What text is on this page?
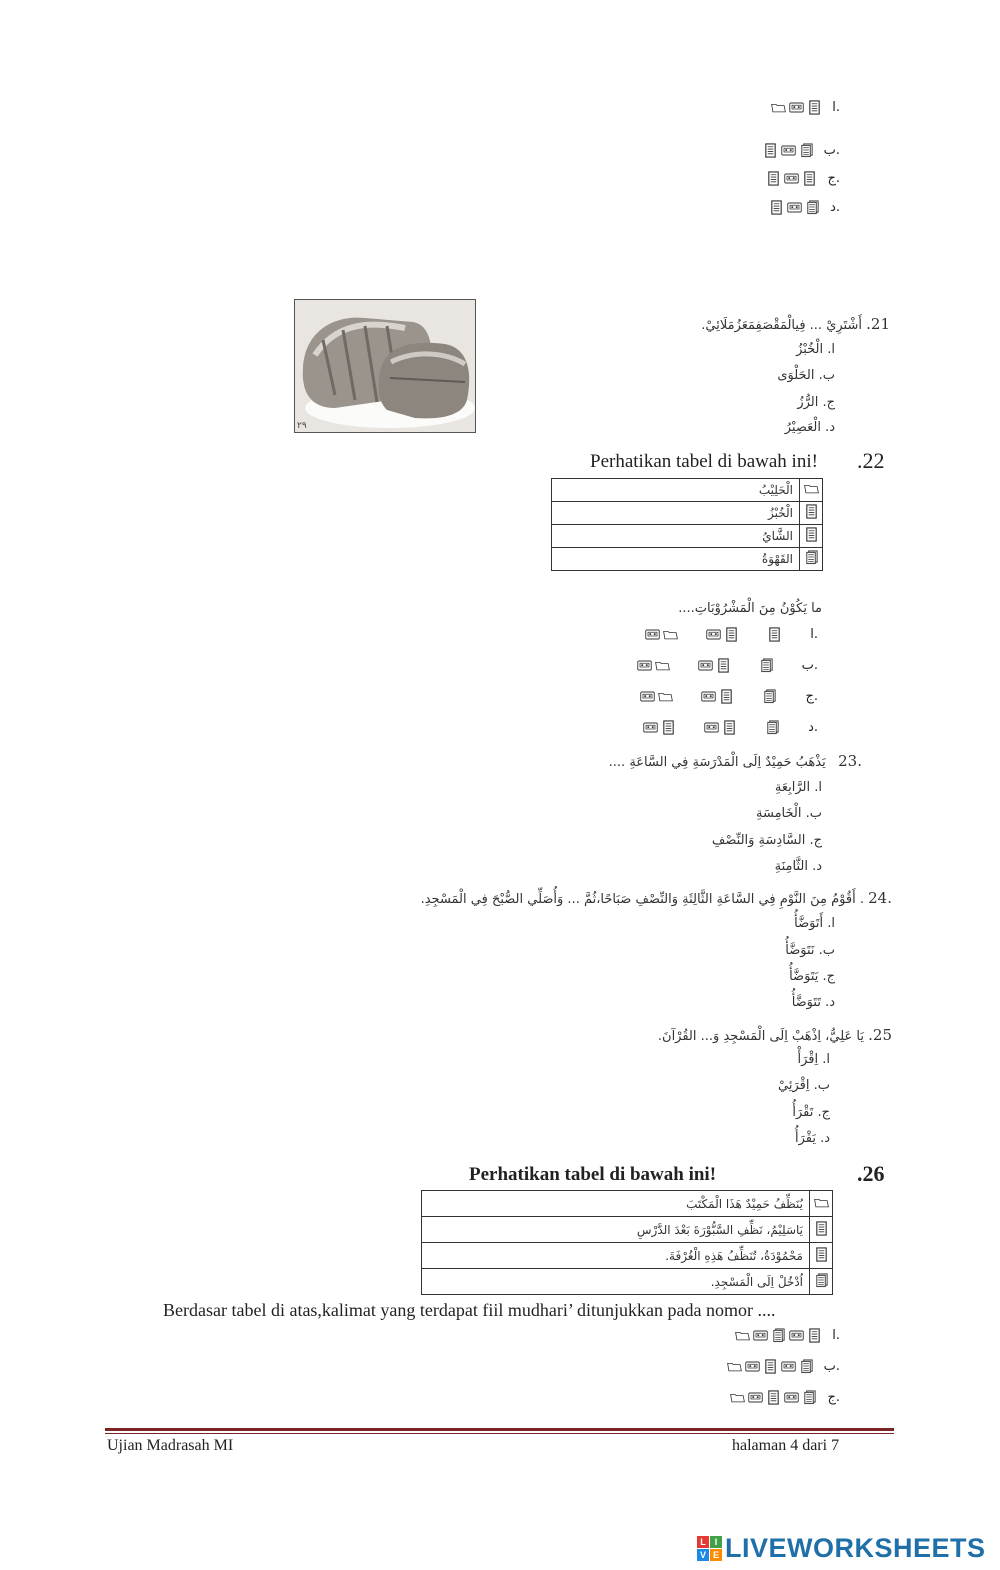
ا.
ب.
ج.
د.
٢٩
21. أَشْتَرِيْ ... فِيالْمَقْصَفِمَعَزُمَلَائِيْ.
ا. الْخُبْزُ
ب. الحَلْوَى
ج. الرُّزُ
د. الْعَصِيْرُ
Perhatikan tabel di bawah ini! .22
الْحَلِيْبُ	

الْخُبْزُ	

الشَّايُ	

القَهْوَةُ	
ما يَكُوْنُ مِنَ الْمَشْرُوْبَاتِ....
ا.
ب.
ج.
د.
.23   يَذْهَبُ حَمِيْدٌ اِلَى الْمَدْرَسَةِ فِي السَّاعَةِ ....
ا. الرَّابِعَةِ
ب. الْخَامِسَةِ
ج. السَّادِسَةِ وَالنِّصْفِ
د. الثَّامِنَةِ
.24 . أَقُوْمُ مِنَ النَّوْمِ فِي السَّاعَةِ الثَّالِثَةِ وَالنِّصْفِ صَبَاحًا،ثُمَّ ... وَأُصَلِّي الصُّبْحَ فِي الْمَسْجِدِ.
ا. أَتَوَضَّأُ
ب. نَتَوَضَّأُ
ج. يَتَوَضَّأُ
د. تَتَوَضَّأُ
25. يَا عَلِيُّ، اِذْهَبْ اِلَى الْمَسْجِدِ وَ... القُرْآنَ.
ا. اِقْرَأْ
ب. اِقْرَئِيْ
ج. تَقْرَأُ
د. يَقْرَأُ
Perhatikan tabel di bawah ini!	.26
يُنَظِّفُ حَمِيْدٌ هَذَا الْمَكْتَبَ	

يَاسَلِيْمُ، نَظِّفِ السَّبُّوْرَةَ بَعْدَ الدَّرْسِ	

مَحْمُوْدَةُ، تُنَظِّفُ هَذِهِ الْغُرْفَةَ.	

اُدْخُلْ اِلَى الْمَسْجِدِ.	
Berdasar tabel di atas,kalimat yang terdapat fiil mudhari’ ditunjukkan pada nomor ....
ا.
ب.
ج.
Ujian Madrasah MI	halaman 4 dari 7
L I
V E LIVEWORKSHEETS
